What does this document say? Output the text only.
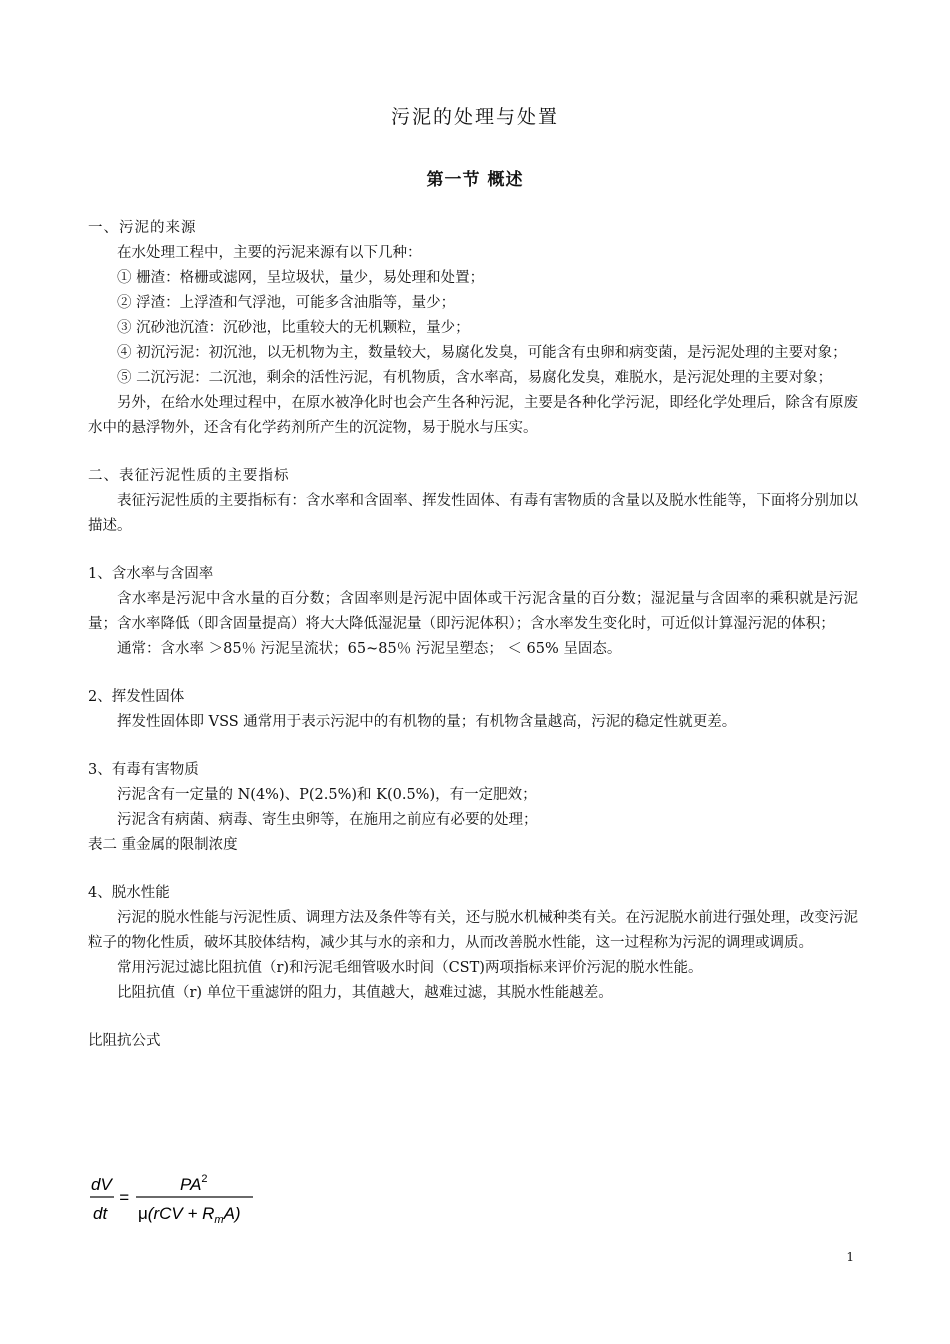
污泥的处理与处置
第一节 概述

一、污泥的来源

在水处理工程中，主要的污泥来源有以下几种：

① 栅渣：格栅或滤网，呈垃圾状，量少，易处理和处置；

② 浮渣：上浮渣和气浮池，可能多含油脂等，量少；

③ 沉砂池沉渣：沉砂池，比重较大的无机颗粒，量少；

④ 初沉污泥：初沉池，以无机物为主，数量较大，易腐化发臭，可能含有虫卵和病变菌，是污泥处理的主要对象；

⑤ 二沉污泥：二沉池，剩余的活性污泥，有机物质，含水率高，易腐化发臭，难脱水，是污泥处理的主要对象；

另外，在给水处理过程中，在原水被净化时也会产生各种污泥，主要是各种化学污泥，即经化学处理后，除含有原废水中的悬浮物外，还含有化学药剂所产生的沉淀物，易于脱水与压实。

二、表征污泥性质的主要指标

表征污泥性质的主要指标有：含水率和含固率、挥发性固体、有毒有害物质的含量以及脱水性能等，下面将分别加以描述。

1、含水率与含固率

含水率是污泥中含水量的百分数；含固率则是污泥中固体或干污泥含量的百分数；湿泥量与含固率的乘积就是污泥量；含水率降低（即含固量提高）将大大降低湿泥量（即污泥体积）；含水率发生变化时，可近似计算湿污泥的体积；

通常：含水率 ＞85％ 污泥呈流状；65~85％ 污泥呈塑态； ＜ 65% 呈固态。

2、挥发性固体

挥发性固体即 VSS 通常用于表示污泥中的有机物的量；有机物含量越高，污泥的稳定性就更差。

3、有毒有害物质

污泥含有一定量的 N(4%)、P(2.5%)和 K(0.5%)，有一定肥效；

污泥含有病菌、病毒、寄生虫卵等，在施用之前应有必要的处理；

表二 重金属的限制浓度

4、脱水性能

污泥的脱水性能与污泥性质、调理方法及条件等有关，还与脱水机械种类有关。在污泥脱水前进行强处理，改变污泥粒子的物化性质，破坏其胶体结构，减少其与水的亲和力，从而改善脱水性能，这一过程称为污泥的调理或调质。

常用污泥过滤比阻抗值（r)和污泥毛细管吸水时间（CST)两项指标来评价污泥的脱水性能。

比阻抗值（r) 单位干重滤饼的阻力，其值越大，越难过滤，其脱水性能越差。

比阻抗公式

dV
dt
=
$PA^2$
$\mu(rCV + R_mA)$
1
